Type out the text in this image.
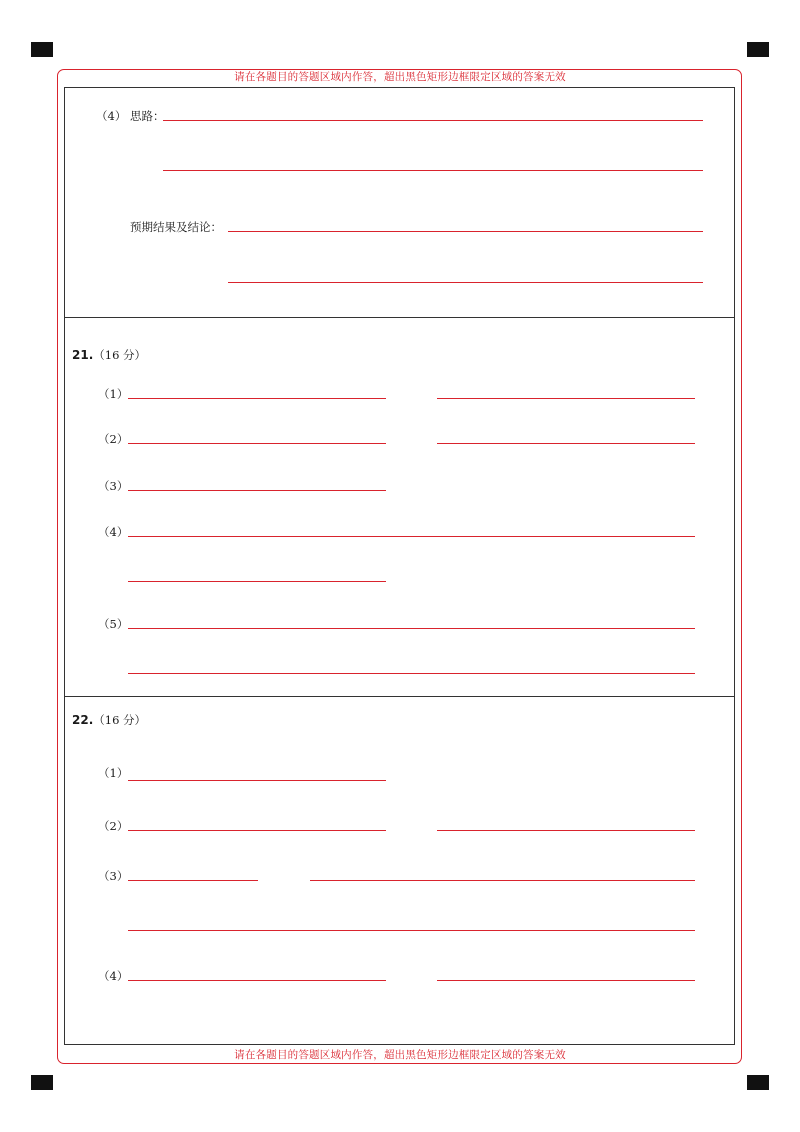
请在各题目的答题区域内作答，超出黑色矩形边框限定区域的答案无效
请在各题目的答题区域内作答，超出黑色矩形边框限定区域的答案无效
（4） 思路：
预期结果及结论：
21.（16 分）
（1）
（2）
（3）
（4）
（5）
22.（16 分）
（1）
（2）
（3）
（4）
